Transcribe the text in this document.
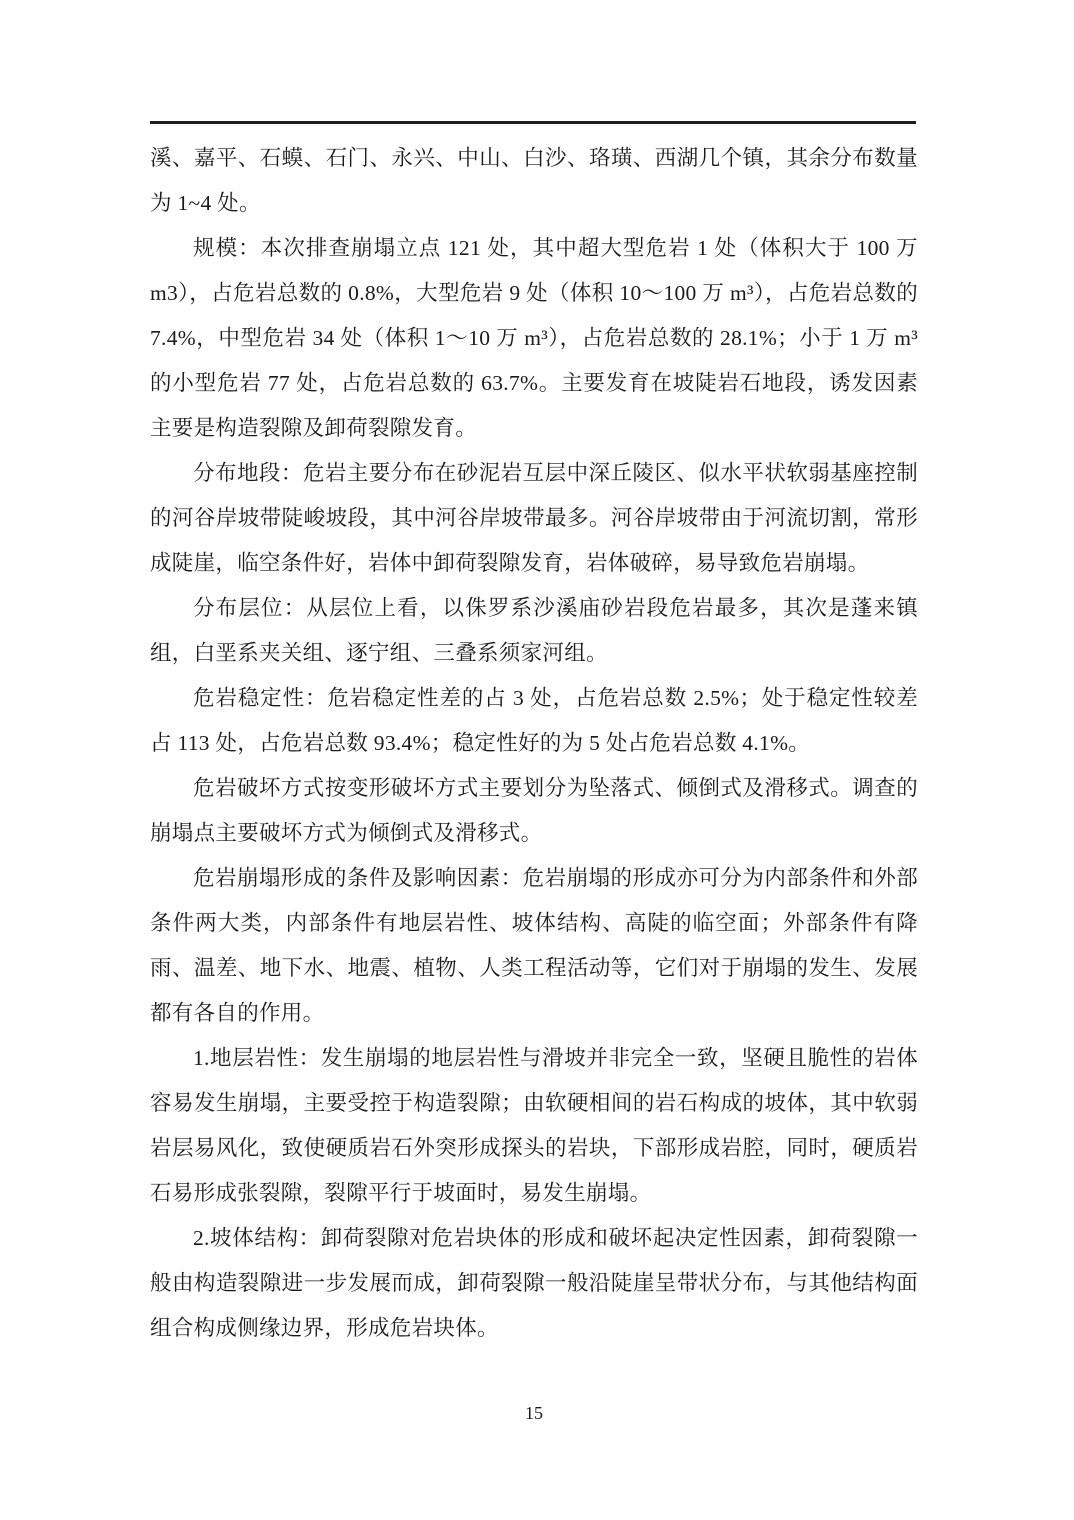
溪、嘉平、石蟆、石门、永兴、中山、白沙、珞璜、西湖几个镇，其余分布数量为 1~4 处。

规模：本次排查崩塌立点 121 处，其中超大型危岩 1 处（体积大于 100 万 m3），占危岩总数的 0.8%，大型危岩 9 处（体积 10～100 万 m³），占危岩总数的 7.4%，中型危岩 34 处（体积 1～10 万 m³），占危岩总数的 28.1%；小于 1 万 m³ 的小型危岩 77 处，占危岩总数的 63.7%。主要发育在坡陡岩石地段，诱发因素主要是构造裂隙及卸荷裂隙发育。

分布地段：危岩主要分布在砂泥岩互层中深丘陵区、似水平状软弱基座控制的河谷岸坡带陡峻坡段，其中河谷岸坡带最多。河谷岸坡带由于河流切割，常形成陡崖，临空条件好，岩体中卸荷裂隙发育，岩体破碎，易导致危岩崩塌。

分布层位：从层位上看，以侏罗系沙溪庙砂岩段危岩最多，其次是蓬来镇组，白垩系夹关组、逐宁组、三叠系须家河组。

危岩稳定性：危岩稳定性差的占 3 处，占危岩总数 2.5%；处于稳定性较差占 113 处，占危岩总数 93.4%；稳定性好的为 5 处占危岩总数 4.1%。

危岩破坏方式按变形破坏方式主要划分为坠落式、倾倒式及滑移式。调查的崩塌点主要破坏方式为倾倒式及滑移式。

危岩崩塌形成的条件及影响因素：危岩崩塌的形成亦可分为内部条件和外部条件两大类，内部条件有地层岩性、坡体结构、高陡的临空面；外部条件有降雨、温差、地下水、地震、植物、人类工程活动等，它们对于崩塌的发生、发展都有各自的作用。

1.地层岩性：发生崩塌的地层岩性与滑坡并非完全一致，坚硬且脆性的岩体容易发生崩塌，主要受控于构造裂隙；由软硬相间的岩石构成的坡体，其中软弱岩层易风化，致使硬质岩石外突形成探头的岩块，下部形成岩腔，同时，硬质岩石易形成张裂隙，裂隙平行于坡面时，易发生崩塌。

2.坡体结构：卸荷裂隙对危岩块体的形成和破坏起决定性因素，卸荷裂隙一般由构造裂隙进一步发展而成，卸荷裂隙一般沿陡崖呈带状分布，与其他结构面组合构成侧缘边界，形成危岩块体。

15
